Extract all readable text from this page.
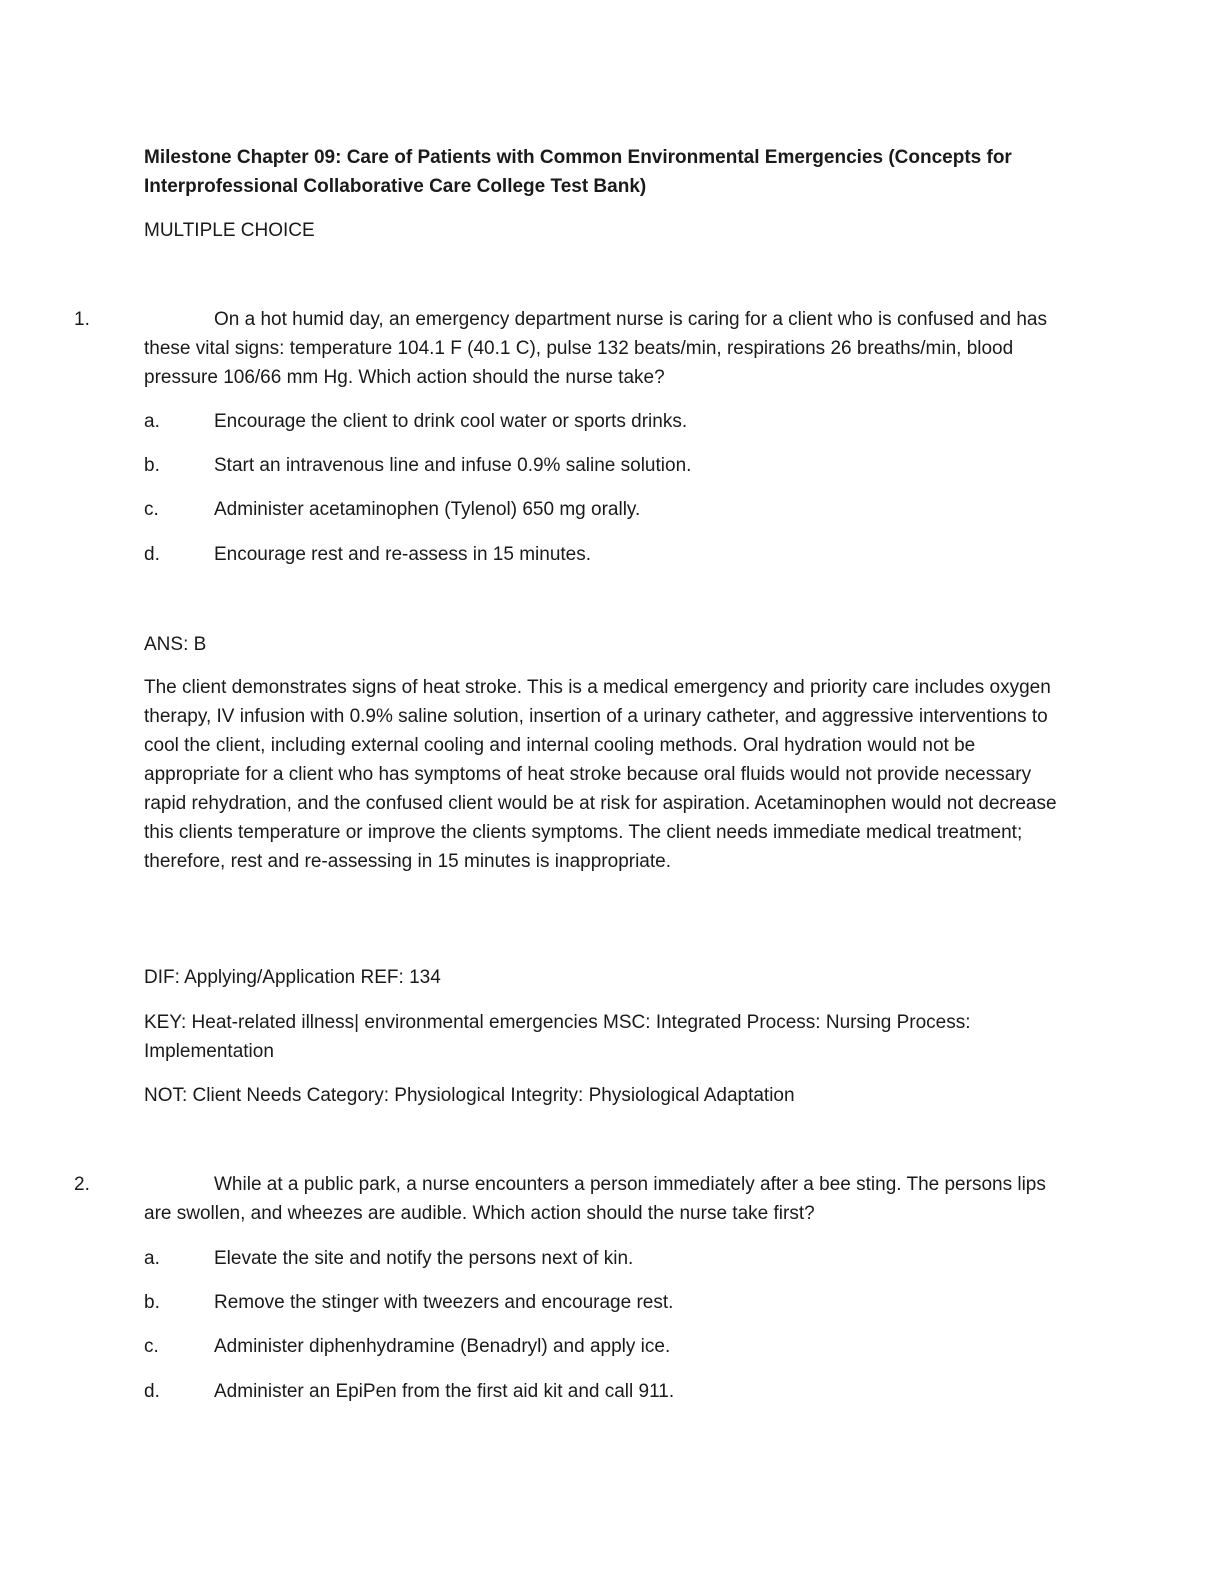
Milestone Chapter 09: Care of Patients with Common Environmental Emergencies (Concepts for Interprofessional Collaborative Care College Test Bank)

MULTIPLE CHOICE

1.	On a hot humid day, an emergency department nurse is caring for a client who is confused and has these vital signs: temperature 104.1 F (40.1 C), pulse 132 beats/min, respirations 26 breaths/min, blood pressure 106/66 mm Hg. Which action should the nurse take?

a.	Encourage the client to drink cool water or sports drinks.
b.	Start an intravenous line and infuse 0.9% saline solution.
c.	Administer acetaminophen (Tylenol) 650 mg orally.
d.	Encourage rest and re-assess in 15 minutes.
ANS: B

The client demonstrates signs of heat stroke. This is a medical emergency and priority care includes oxygen therapy, IV infusion with 0.9% saline solution, insertion of a urinary catheter, and aggressive interventions to cool the client, including external cooling and internal cooling methods. Oral hydration would not be appropriate for a client who has symptoms of heat stroke because oral fluids would not provide necessary rapid rehydration, and the confused client would be at risk for aspiration. Acetaminophen would not decrease this clients temperature or improve the clients symptoms. The client needs immediate medical treatment; therefore, rest and re-assessing in 15 minutes is inappropriate.

DIF: Applying/Application REF: 134

KEY: Heat-related illness| environmental emergencies MSC: Integrated Process: Nursing Process: Implementation

NOT: Client Needs Category: Physiological Integrity: Physiological Adaptation

2.	While at a public park, a nurse encounters a person immediately after a bee sting. The persons lips are swollen, and wheezes are audible. Which action should the nurse take first?

a.	Elevate the site and notify the persons next of kin.
b.	Remove the stinger with tweezers and encourage rest.
c.	Administer diphenhydramine (Benadryl) and apply ice.
d.	Administer an EpiPen from the first aid kit and call 911.
